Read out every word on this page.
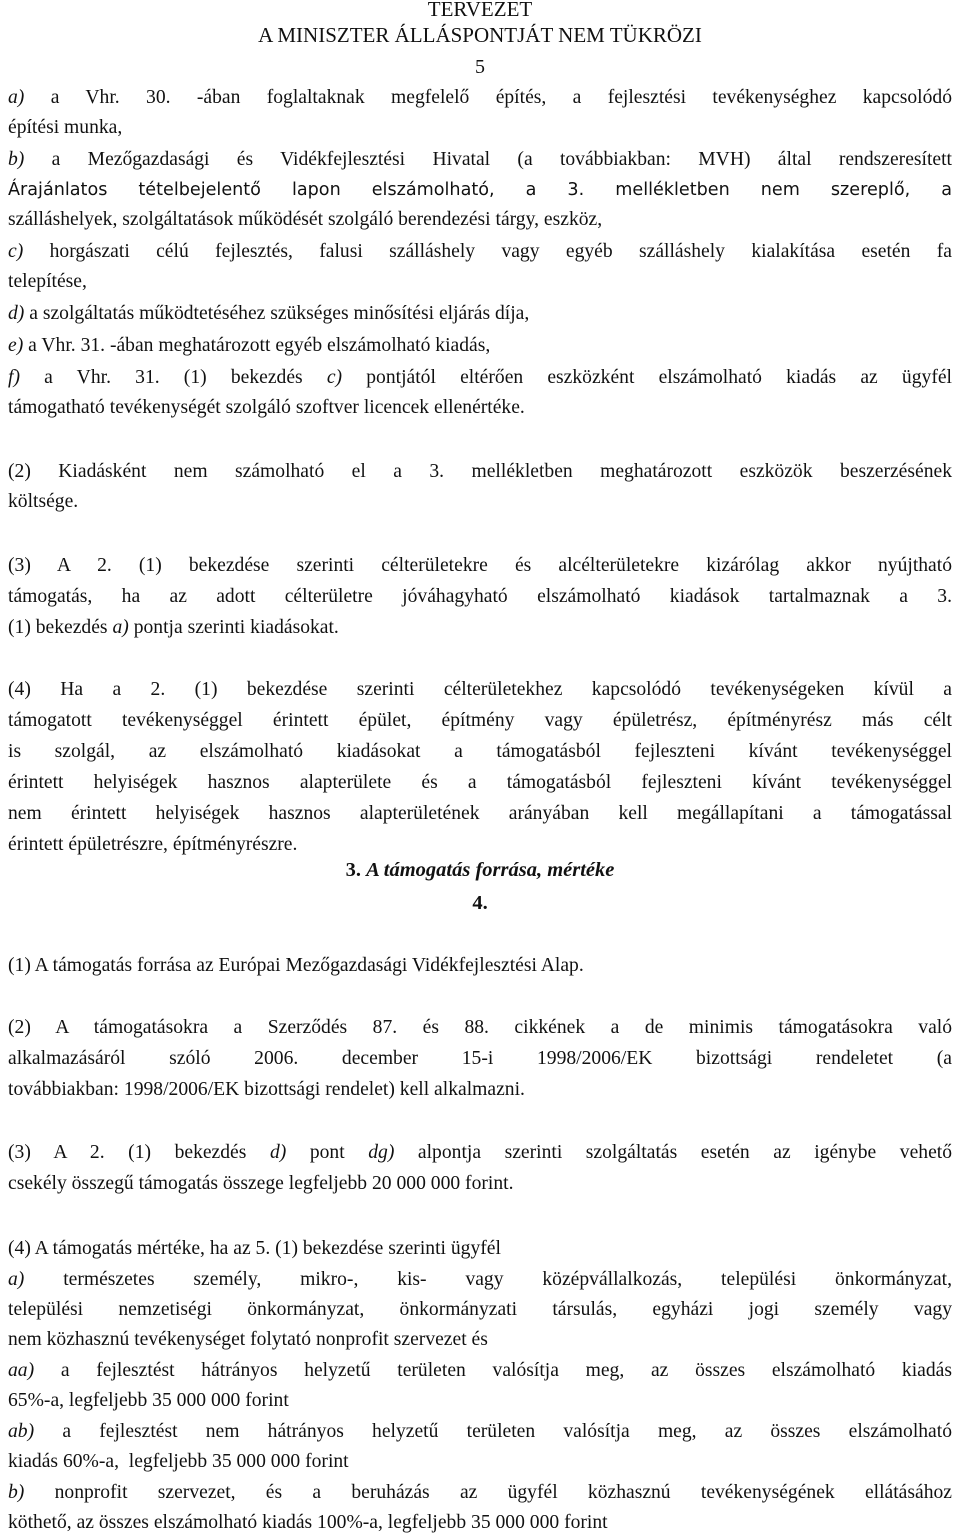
TERVEZET
A MINISZTER ÁLLÁSPONTJÁT NEM TÜKRÖZI
5
a) a Vhr. 30. -ában foglaltaknak megfelelő építés, a fejlesztési tevékenységhez kapcsolódó
építési munka,
b) a Mezőgazdasági és Vidékfejlesztési Hivatal (a továbbiakban: MVH) által rendszeresített
Árajánlatos tételbejelentő lapon elszámolható, a 3. mellékletben nem szereplő, a
szálláshelyek, szolgáltatások működését szolgáló berendezési tárgy, eszköz,
c) horgászati célú fejlesztés, falusi szálláshely vagy egyéb szálláshely kialakítása esetén fa
telepítése,
d) a szolgáltatás működtetéséhez szükséges minősítési eljárás díja,
e) a Vhr. 31. -ában meghatározott egyéb elszámolható kiadás,
f) a Vhr. 31. (1) bekezdés c) pontjától eltérően eszközként elszámolható kiadás az ügyfél
támogatható tevékenységét szolgáló szoftver licencek ellenértéke.
(2) Kiadásként nem számolható el a 3. mellékletben meghatározott eszközök beszerzésének
költsége.
(3) A 2. (1) bekezdése szerinti célterületekre és alcélterületekre kizárólag akkor nyújtható
támogatás, ha az adott célterületre jóváhagyható elszámolható kiadások tartalmaznak a 3.
(1) bekezdés a) pontja szerinti kiadásokat.
(4) Ha a 2. (1) bekezdése szerinti célterületekhez kapcsolódó tevékenységeken kívül a
támogatott tevékenységgel érintett épület, építmény vagy épületrész, építményrész más célt
is szolgál, az elszámolható kiadásokat a támogatásból fejleszteni kívánt tevékenységgel
érintett helyiségek hasznos alapterülete és a támogatásból fejleszteni kívánt tevékenységgel
nem érintett helyiségek hasznos alapterületének arányában kell megállapítani a támogatással
érintett épületrészre, építményrészre.
3. A támogatás forrása, mértéke
4.
(1) A támogatás forrása az Európai Mezőgazdasági Vidékfejlesztési Alap.
(2) A támogatásokra a Szerződés 87. és 88. cikkének a de minimis támogatásokra való
alkalmazásáról szóló 2006. december 15-i 1998/2006/EK bizottsági rendeletet (a
továbbiakban: 1998/2006/EK bizottsági rendelet) kell alkalmazni.
(3) A 2. (1) bekezdés d) pont dg) alpontja szerinti szolgáltatás esetén az igénybe vehető
csekély összegű támogatás összege legfeljebb 20 000 000 forint.
(4) A támogatás mértéke, ha az 5. (1) bekezdése szerinti ügyfél
a) természetes személy, mikro-, kis- vagy középvállalkozás, települési önkormányzat,
települési nemzetiségi önkormányzat, önkormányzati társulás, egyházi jogi személy vagy
nem közhasznú tevékenységet folytató nonprofit szervezet és
aa) a fejlesztést hátrányos helyzetű területen valósítja meg, az összes elszámolható kiadás
65%-a, legfeljebb 35 000 000 forint
ab) a fejlesztést nem hátrányos helyzetű területen valósítja meg, az összes elszámolható
kiadás 60%-a,  legfeljebb 35 000 000 forint
b) nonprofit szervezet, és a beruházás az ügyfél közhasznú tevékenységének ellátásához
köthető, az összes elszámolható kiadás 100%-a, legfeljebb 35 000 000 forint
